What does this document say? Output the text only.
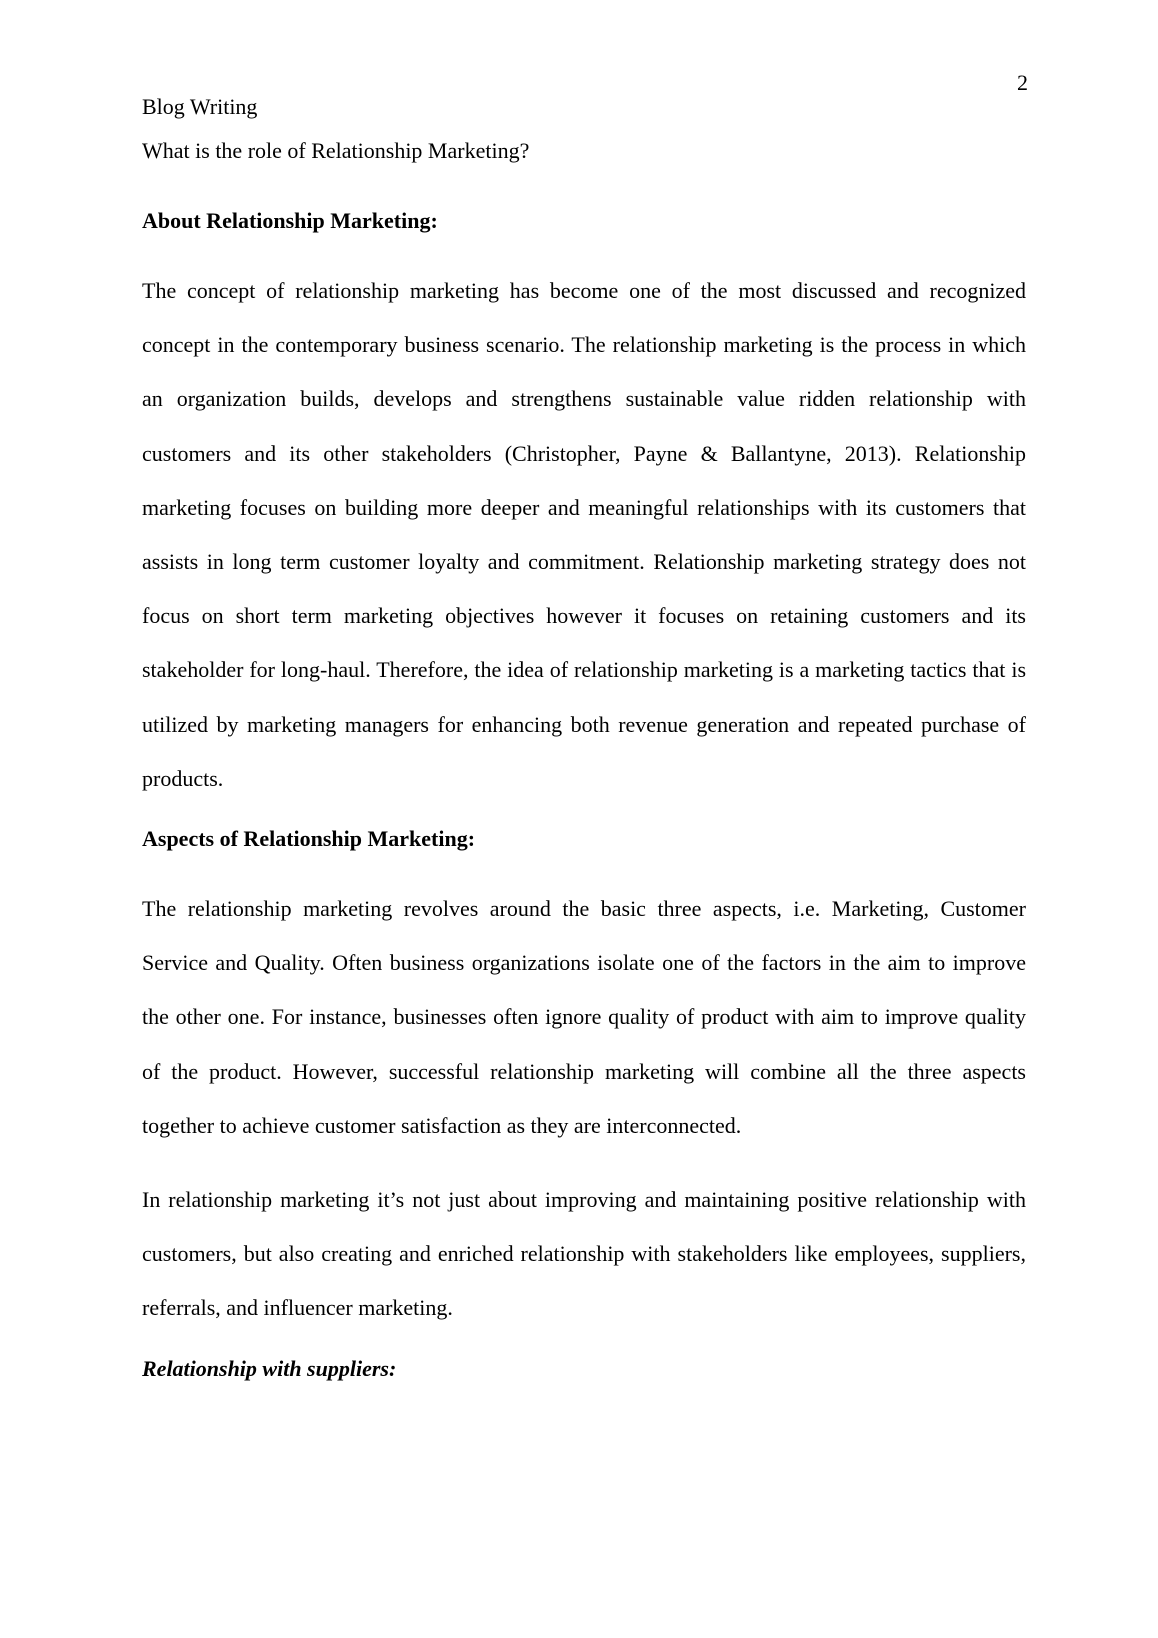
2

Blog Writing

What is the role of Relationship Marketing?

About Relationship Marketing:

The concept of relationship marketing has become one of the most discussed and recognized concept in the contemporary business scenario. The relationship marketing is the process in which an organization builds, develops and strengthens sustainable value ridden relationship with customers and its other stakeholders (Christopher, Payne & Ballantyne, 2013). Relationship marketing focuses on building more deeper and meaningful relationships with its customers that assists in long term customer loyalty and commitment. Relationship marketing strategy does not focus on short term marketing objectives however it focuses on retaining customers and its stakeholder for long-haul. Therefore, the idea of relationship marketing is a marketing tactics that is utilized by marketing managers for enhancing both revenue generation and repeated purchase of products.

Aspects of Relationship Marketing:

The relationship marketing revolves around the basic three aspects, i.e. Marketing, Customer Service and Quality. Often business organizations isolate one of the factors in the aim to improve the other one. For instance, businesses often ignore quality of product with aim to improve quality of the product. However, successful relationship marketing will combine all the three aspects together to achieve customer satisfaction as they are interconnected.

In relationship marketing it’s not just about improving and maintaining positive relationship with customers, but also creating and enriched relationship with stakeholders like employees, suppliers, referrals, and influencer marketing.

Relationship with suppliers:
